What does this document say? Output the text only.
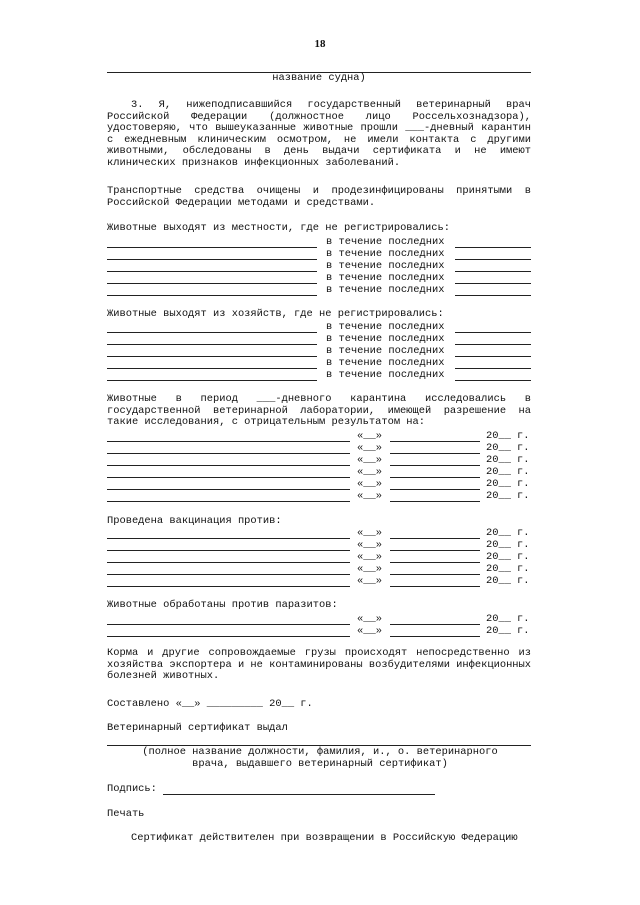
18
название судна)

3. Я, нижеподписавшийся государственный ветеринарный врач Российской Федерации (должностное лицо Россельхознадзора), удостоверяю, что вышеуказанные животные прошли ___-дневный карантин с ежедневным клиническим осмотром, не имели контакта с другими животными, обследованы в день выдачи сертификата и не имеют клинических признаков инфекционных заболеваний.

Транспортные средства очищены и продезинфицированы принятыми в Российской Федерации методами и средствами.

Животные выходят из местности, где не регистрировались:
в течение последних
в течение последних
в течение последних
в течение последних
в течение последних
Животные выходят из хозяйств, где не регистрировались:
в течение последних
в течение последних
в течение последних
в течение последних
в течение последних

Животные в период ___-дневного карантина исследовались в государственной ветеринарной лаборатории, имеющей разрешение на такие исследования, с отрицательным результатом на:

«__»	20__ г.
«__»	20__ г.
«__»	20__ г.
«__»	20__ г.
«__»	20__ г.
«__»	20__ г.
Проведена вакцинация против:
«__»	20__ г.
«__»	20__ г.
«__»	20__ г.
«__»	20__ г.
«__»	20__ г.
Животные обработаны против паразитов:
«__»	20__ г.
«__»	20__ г.

Корма и другие сопровождаемые грузы происходят непосредственно из хозяйства экспортера и не контаминированы возбудителями инфекционных болезней животных.

Составлено «__» _________ 20__ г.
Ветеринарный сертификат выдал
(полное название должности, фамилия, и., о. ветеринарного врача, выдавшего ветеринарный сертификат)
Подпись:
Печать
Сертификат действителен при возвращении в Российскую Федерацию
